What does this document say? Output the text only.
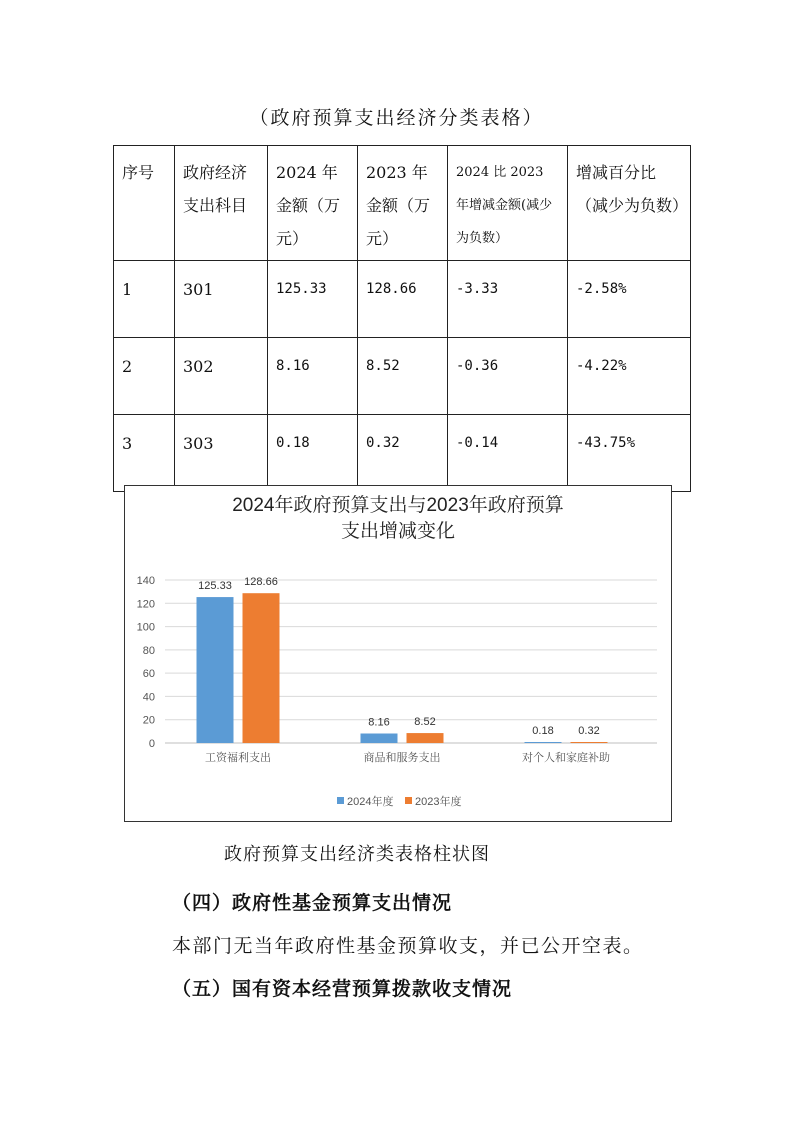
（政府预算支出经济分类表格）
序号	政府经济支出科目	2024 年金额（万元）	2023 年金额（万元）	2024 比 2023 年增减金额(减少为负数）	增减百分比（减少为负数）
1	301	125.33	128.66	-3.33	-2.58%
2	302	8.16	8.52	-0.36	-4.22%
3	303	0.18	0.32	-0.14	-43.75%
2024年政府预算支出与2023年政府预算
支出增减变化
0
20
40
60
80
100
120
140
工资福利支出
125.33 128.66
商品和服务支出
8.16 8.52
对个人和家庭补助
0.18 0.32
2024年度 2023年度
政府预算支出经济类表格柱状图
（四）政府性基金预算支出情况
本部门无当年政府性基金预算收支，并已公开空表。
（五）国有资本经营预算拨款收支情况
